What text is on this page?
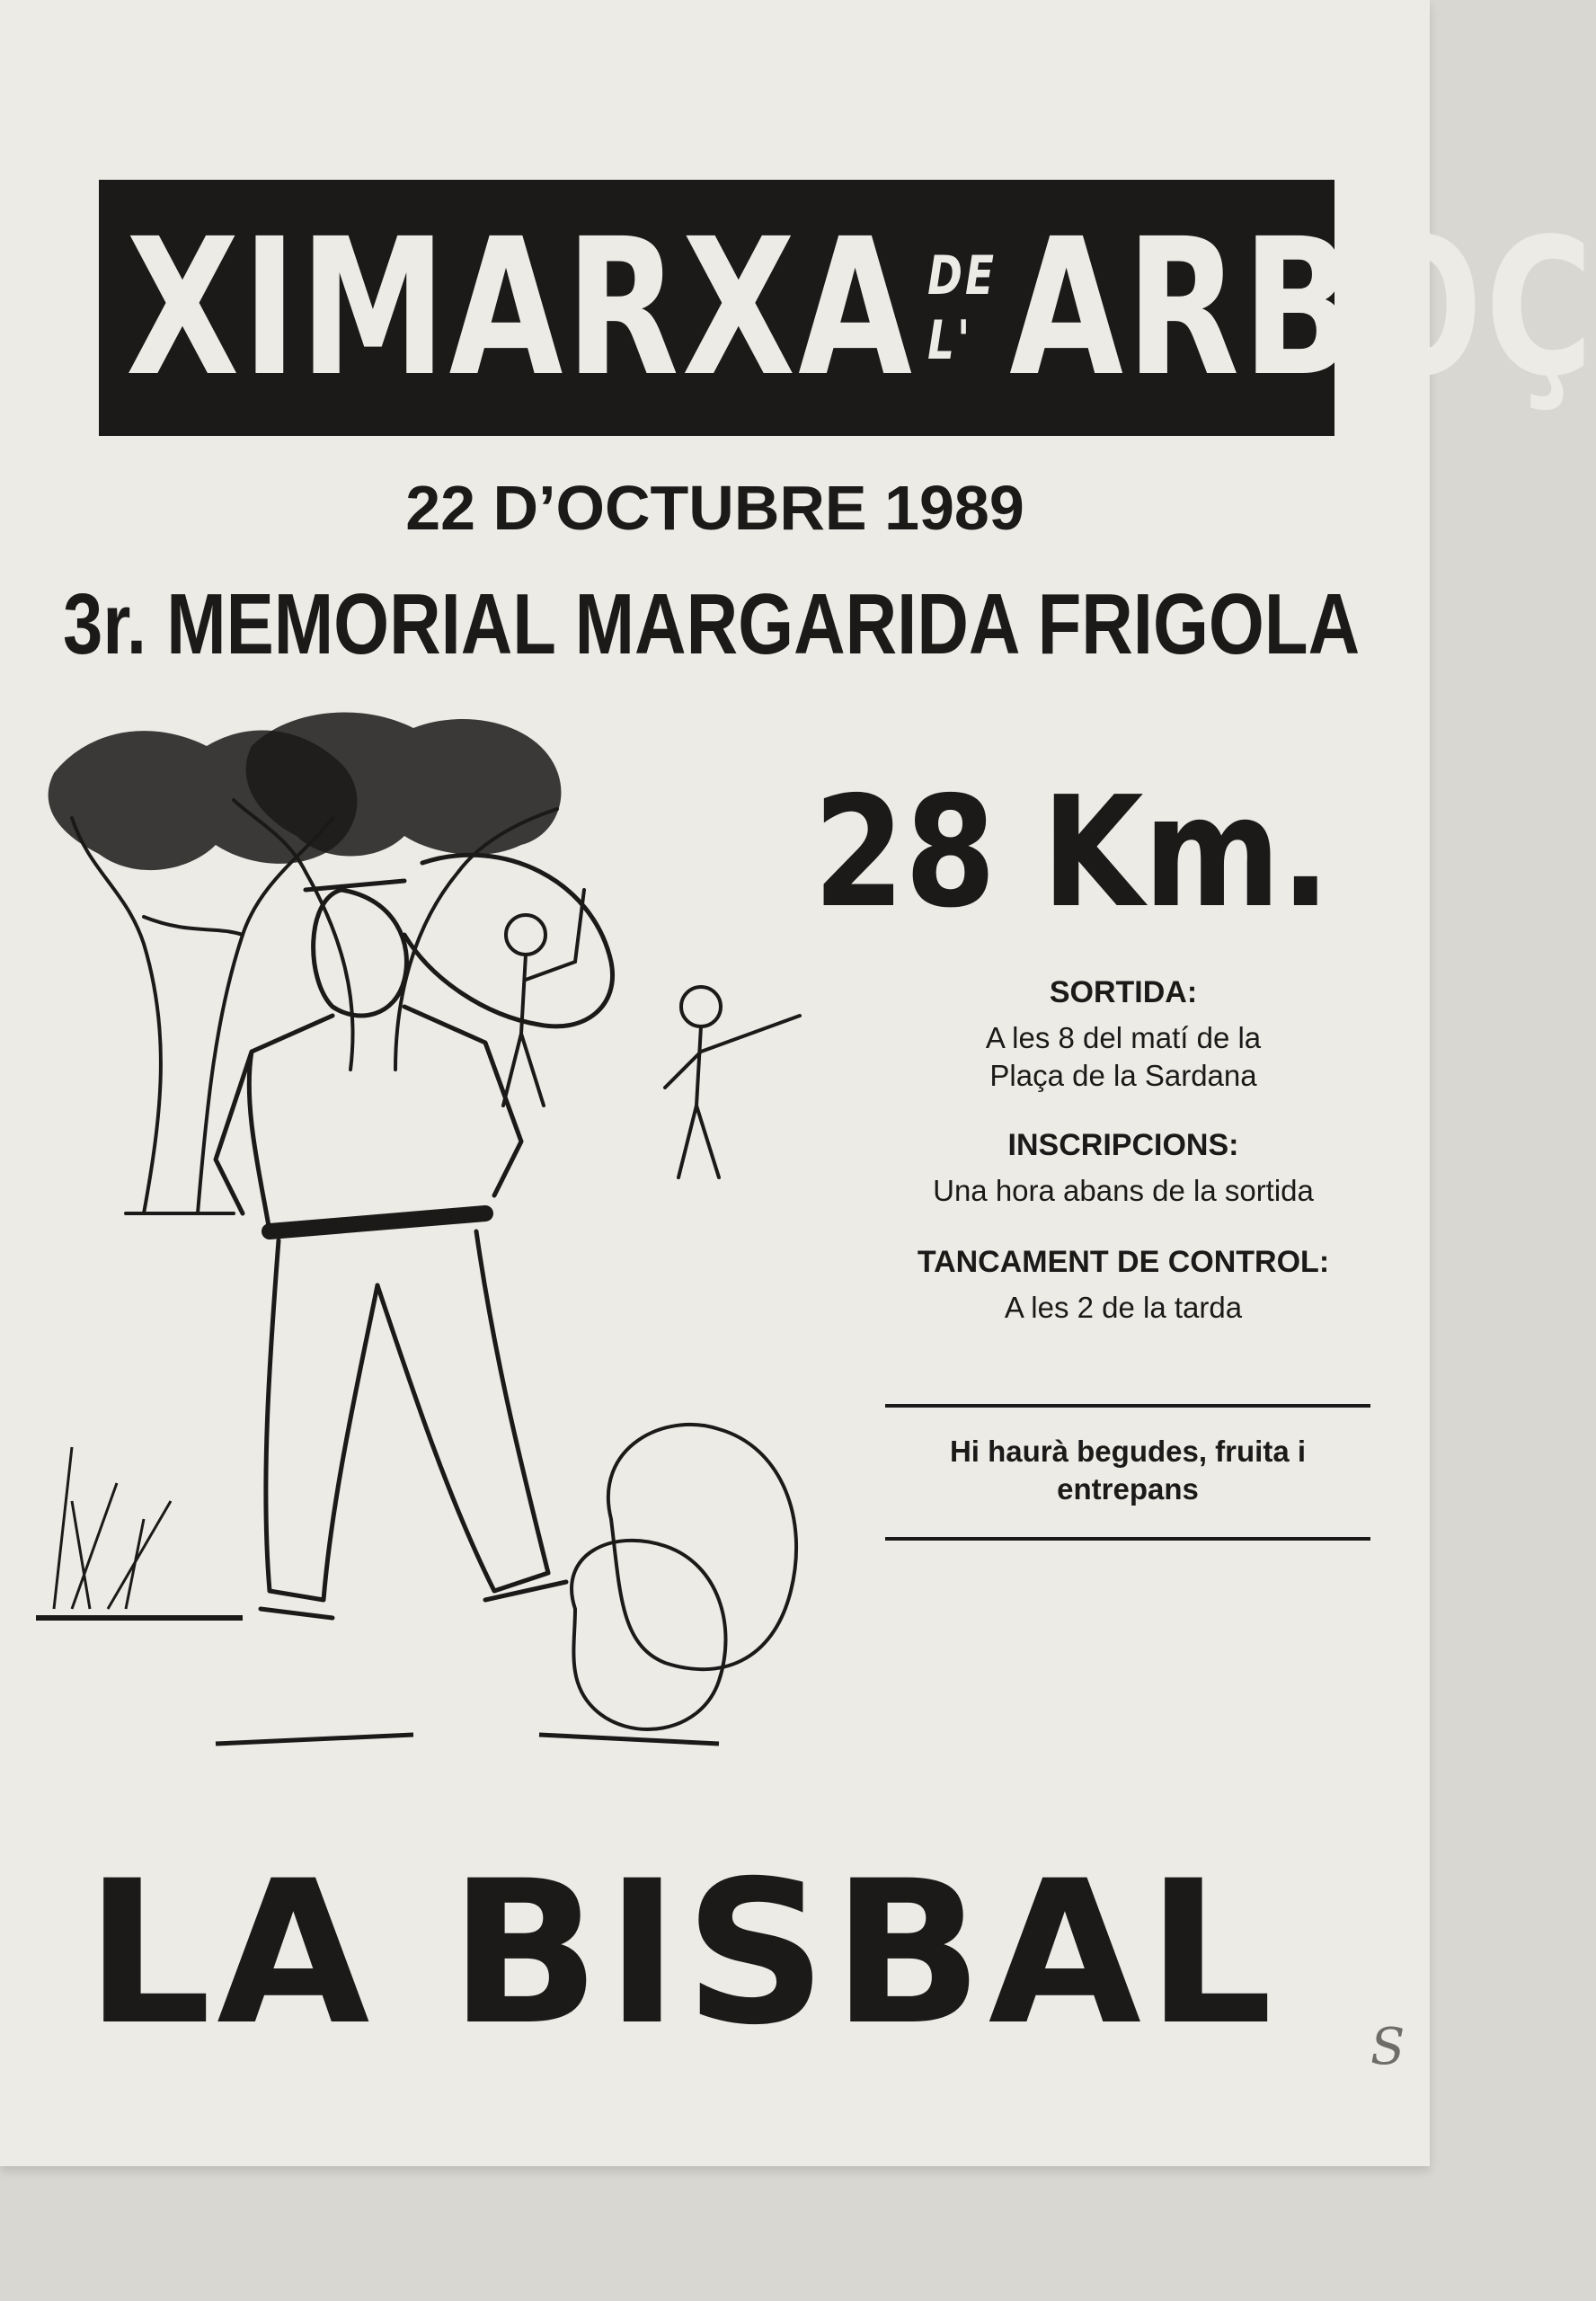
XI MARXA DE L' ARBOÇ
22 D’OCTUBRE 1989
3r. MEMORIAL MARGARIDA FRIGOLA
28 Km.
SORTIDA:
A les 8 del matí de la
Plaça de la Sardana
INSCRIPCIONS:
Una hora abans de la sortida
TANCAMENT DE CONTROL:
A les 2 de la tarda
Hi haurà begudes, fruita i
entrepans
LA BISBAL S
